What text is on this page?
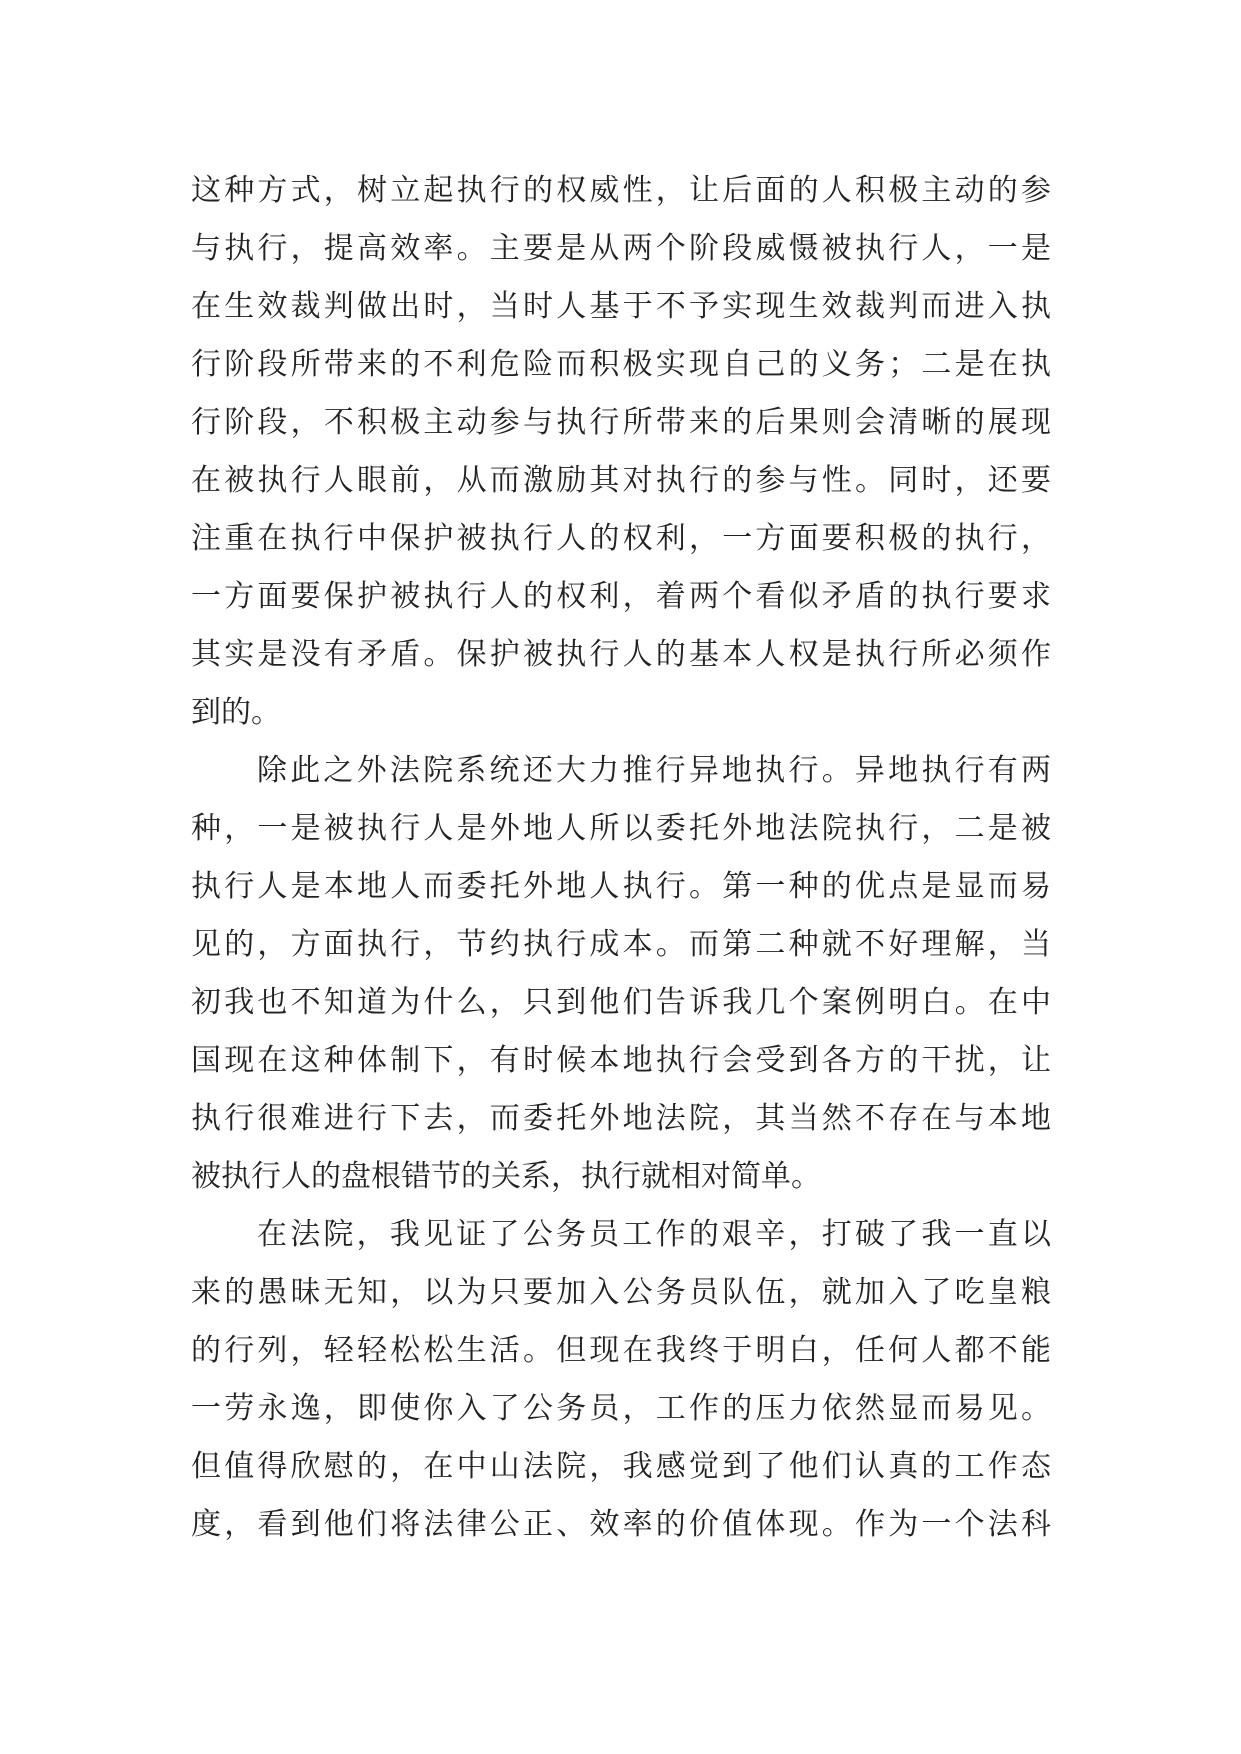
这种方式，树立起执行的权威性，让后面的人积极主动的参
与执行，提高效率。主要是从两个阶段威慑被执行人，一是
在生效裁判做出时，当时人基于不予实现生效裁判而进入执
行阶段所带来的不利危险而积极实现自己的义务；二是在执
行阶段，不积极主动参与执行所带来的后果则会清晰的展现
在被执行人眼前，从而激励其对执行的参与性。同时，还要
注重在执行中保护被执行人的权利，一方面要积极的执行，
一方面要保护被执行人的权利，着两个看似矛盾的执行要求
其实是没有矛盾。保护被执行人的基本人权是执行所必须作
到的。
除此之外法院系统还大力推行异地执行。异地执行有两
种，一是被执行人是外地人所以委托外地法院执行，二是被
执行人是本地人而委托外地人执行。第一种的优点是显而易
见的，方面执行，节约执行成本。而第二种就不好理解，当
初我也不知道为什么，只到他们告诉我几个案例明白。在中
国现在这种体制下，有时候本地执行会受到各方的干扰，让
执行很难进行下去，而委托外地法院，其当然不存在与本地
被执行人的盘根错节的关系，执行就相对简单。
在法院，我见证了公务员工作的艰辛，打破了我一直以
来的愚昧无知，以为只要加入公务员队伍，就加入了吃皇粮
的行列，轻轻松松生活。但现在我终于明白，任何人都不能
一劳永逸，即使你入了公务员，工作的压力依然显而易见。
但值得欣慰的，在中山法院，我感觉到了他们认真的工作态
度，看到他们将法律公正、效率的价值体现。作为一个法科
